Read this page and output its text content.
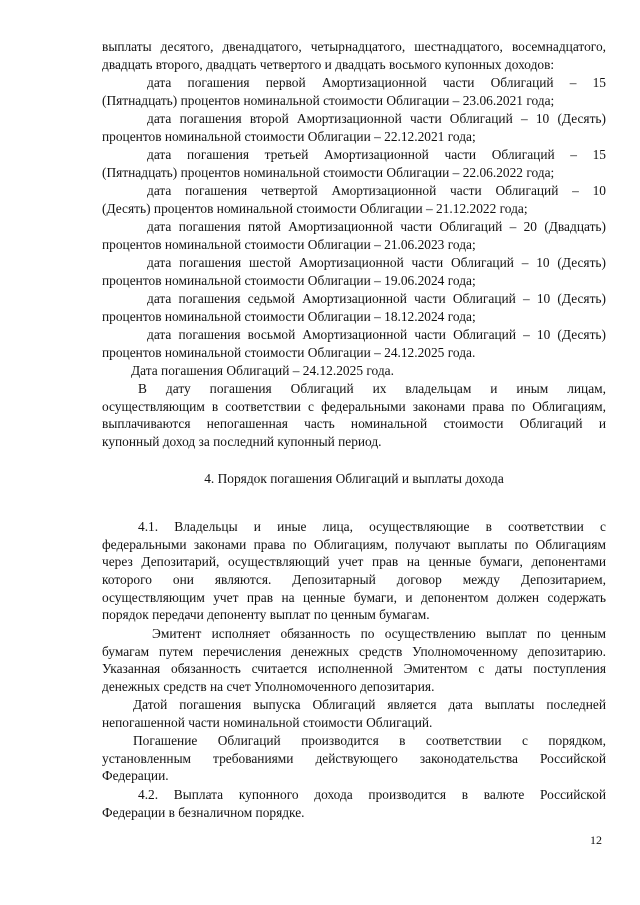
выплаты десятого, двенадцатого, четырнадцатого, шестнадцатого, восемнадцатого,
двадцать второго, двадцать четвертого и двадцать восьмого купонных доходов:
дата погашения первой Амортизационной части Облигаций – 15
(Пятнадцать) процентов номинальной стоимости Облигации – 23.06.2021 года;
дата погашения второй Амортизационной части Облигаций – 10 (Десять)
процентов номинальной стоимости Облигации – 22.12.2021 года;
дата погашения третьей Амортизационной части Облигаций – 15
(Пятнадцать) процентов номинальной стоимости Облигации – 22.06.2022 года;
дата погашения четвертой Амортизационной части Облигаций – 10
(Десять) процентов номинальной стоимости Облигации – 21.12.2022 года;
дата погашения пятой Амортизационной части Облигаций – 20 (Двадцать)
процентов номинальной стоимости Облигации – 21.06.2023 года;
дата погашения шестой Амортизационной части Облигаций – 10 (Десять)
процентов номинальной стоимости Облигации – 19.06.2024 года;
дата погашения седьмой Амортизационной части Облигаций – 10 (Десять)
процентов номинальной стоимости Облигации – 18.12.2024 года;
дата погашения восьмой Амортизационной части Облигаций – 10 (Десять)
процентов номинальной стоимости Облигации – 24.12.2025 года.
Дата погашения Облигаций – 24.12.2025 года.
В дату погашения Облигаций их владельцам и иным лицам,
осуществляющим в соответствии с федеральными законами права по Облигациям,
выплачиваются непогашенная часть номинальной стоимости Облигаций и
купонный доход за последний купонный период.
4. Порядок погашения Облигаций и выплаты дохода
4.1. Владельцы и иные лица, осуществляющие в соответствии с
федеральными законами права по Облигациям, получают выплаты по Облигациям
через Депозитарий, осуществляющий учет прав на ценные бумаги, депонентами
которого они являются. Депозитарный договор между Депозитарием,
осуществляющим учет прав на ценные бумаги, и депонентом должен содержать
порядок передачи депоненту выплат по ценным бумагам.
Эмитент исполняет обязанность по осуществлению выплат по ценным
бумагам путем перечисления денежных средств Уполномоченному депозитарию.
Указанная обязанность считается исполненной Эмитентом с даты поступления
денежных средств на счет Уполномоченного депозитария.
Датой погашения выпуска Облигаций является дата выплаты последней
непогашенной части номинальной стоимости Облигаций.
Погашение Облигаций производится в соответствии с порядком,
установленным требованиями действующего законодательства Российской
Федерации.
4.2. Выплата купонного дохода производится в валюте Российской
Федерации в безналичном порядке.
12
